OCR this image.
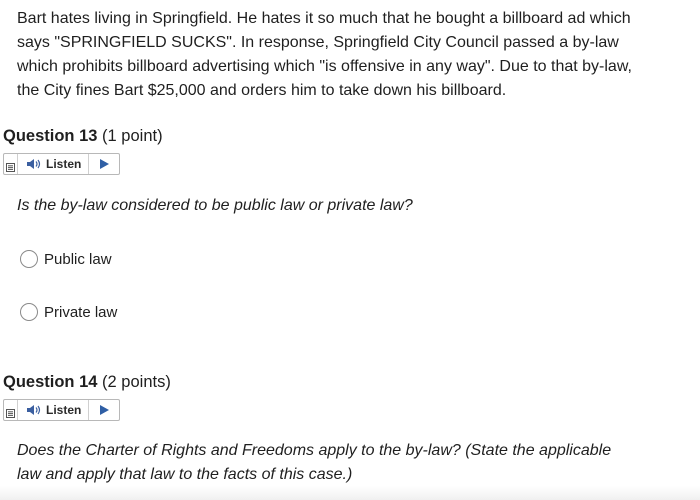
Bart hates living in Springfield. He hates it so much that he bought a billboard ad which says "SPRINGFIELD SUCKS". In response, Springfield City Council passed a by-law which prohibits billboard advertising which "is offensive in any way". Due to that by-law, the City fines Bart $25,000 and orders him to take down his billboard.

Question 13 (1 point)
Listen

Is the by-law considered to be public law or private law?

Public law
Private law
Question 14 (2 points)
Listen

Does the Charter of Rights and Freedoms apply to the by-law? (State the applicable law and apply that law to the facts of this case.)
